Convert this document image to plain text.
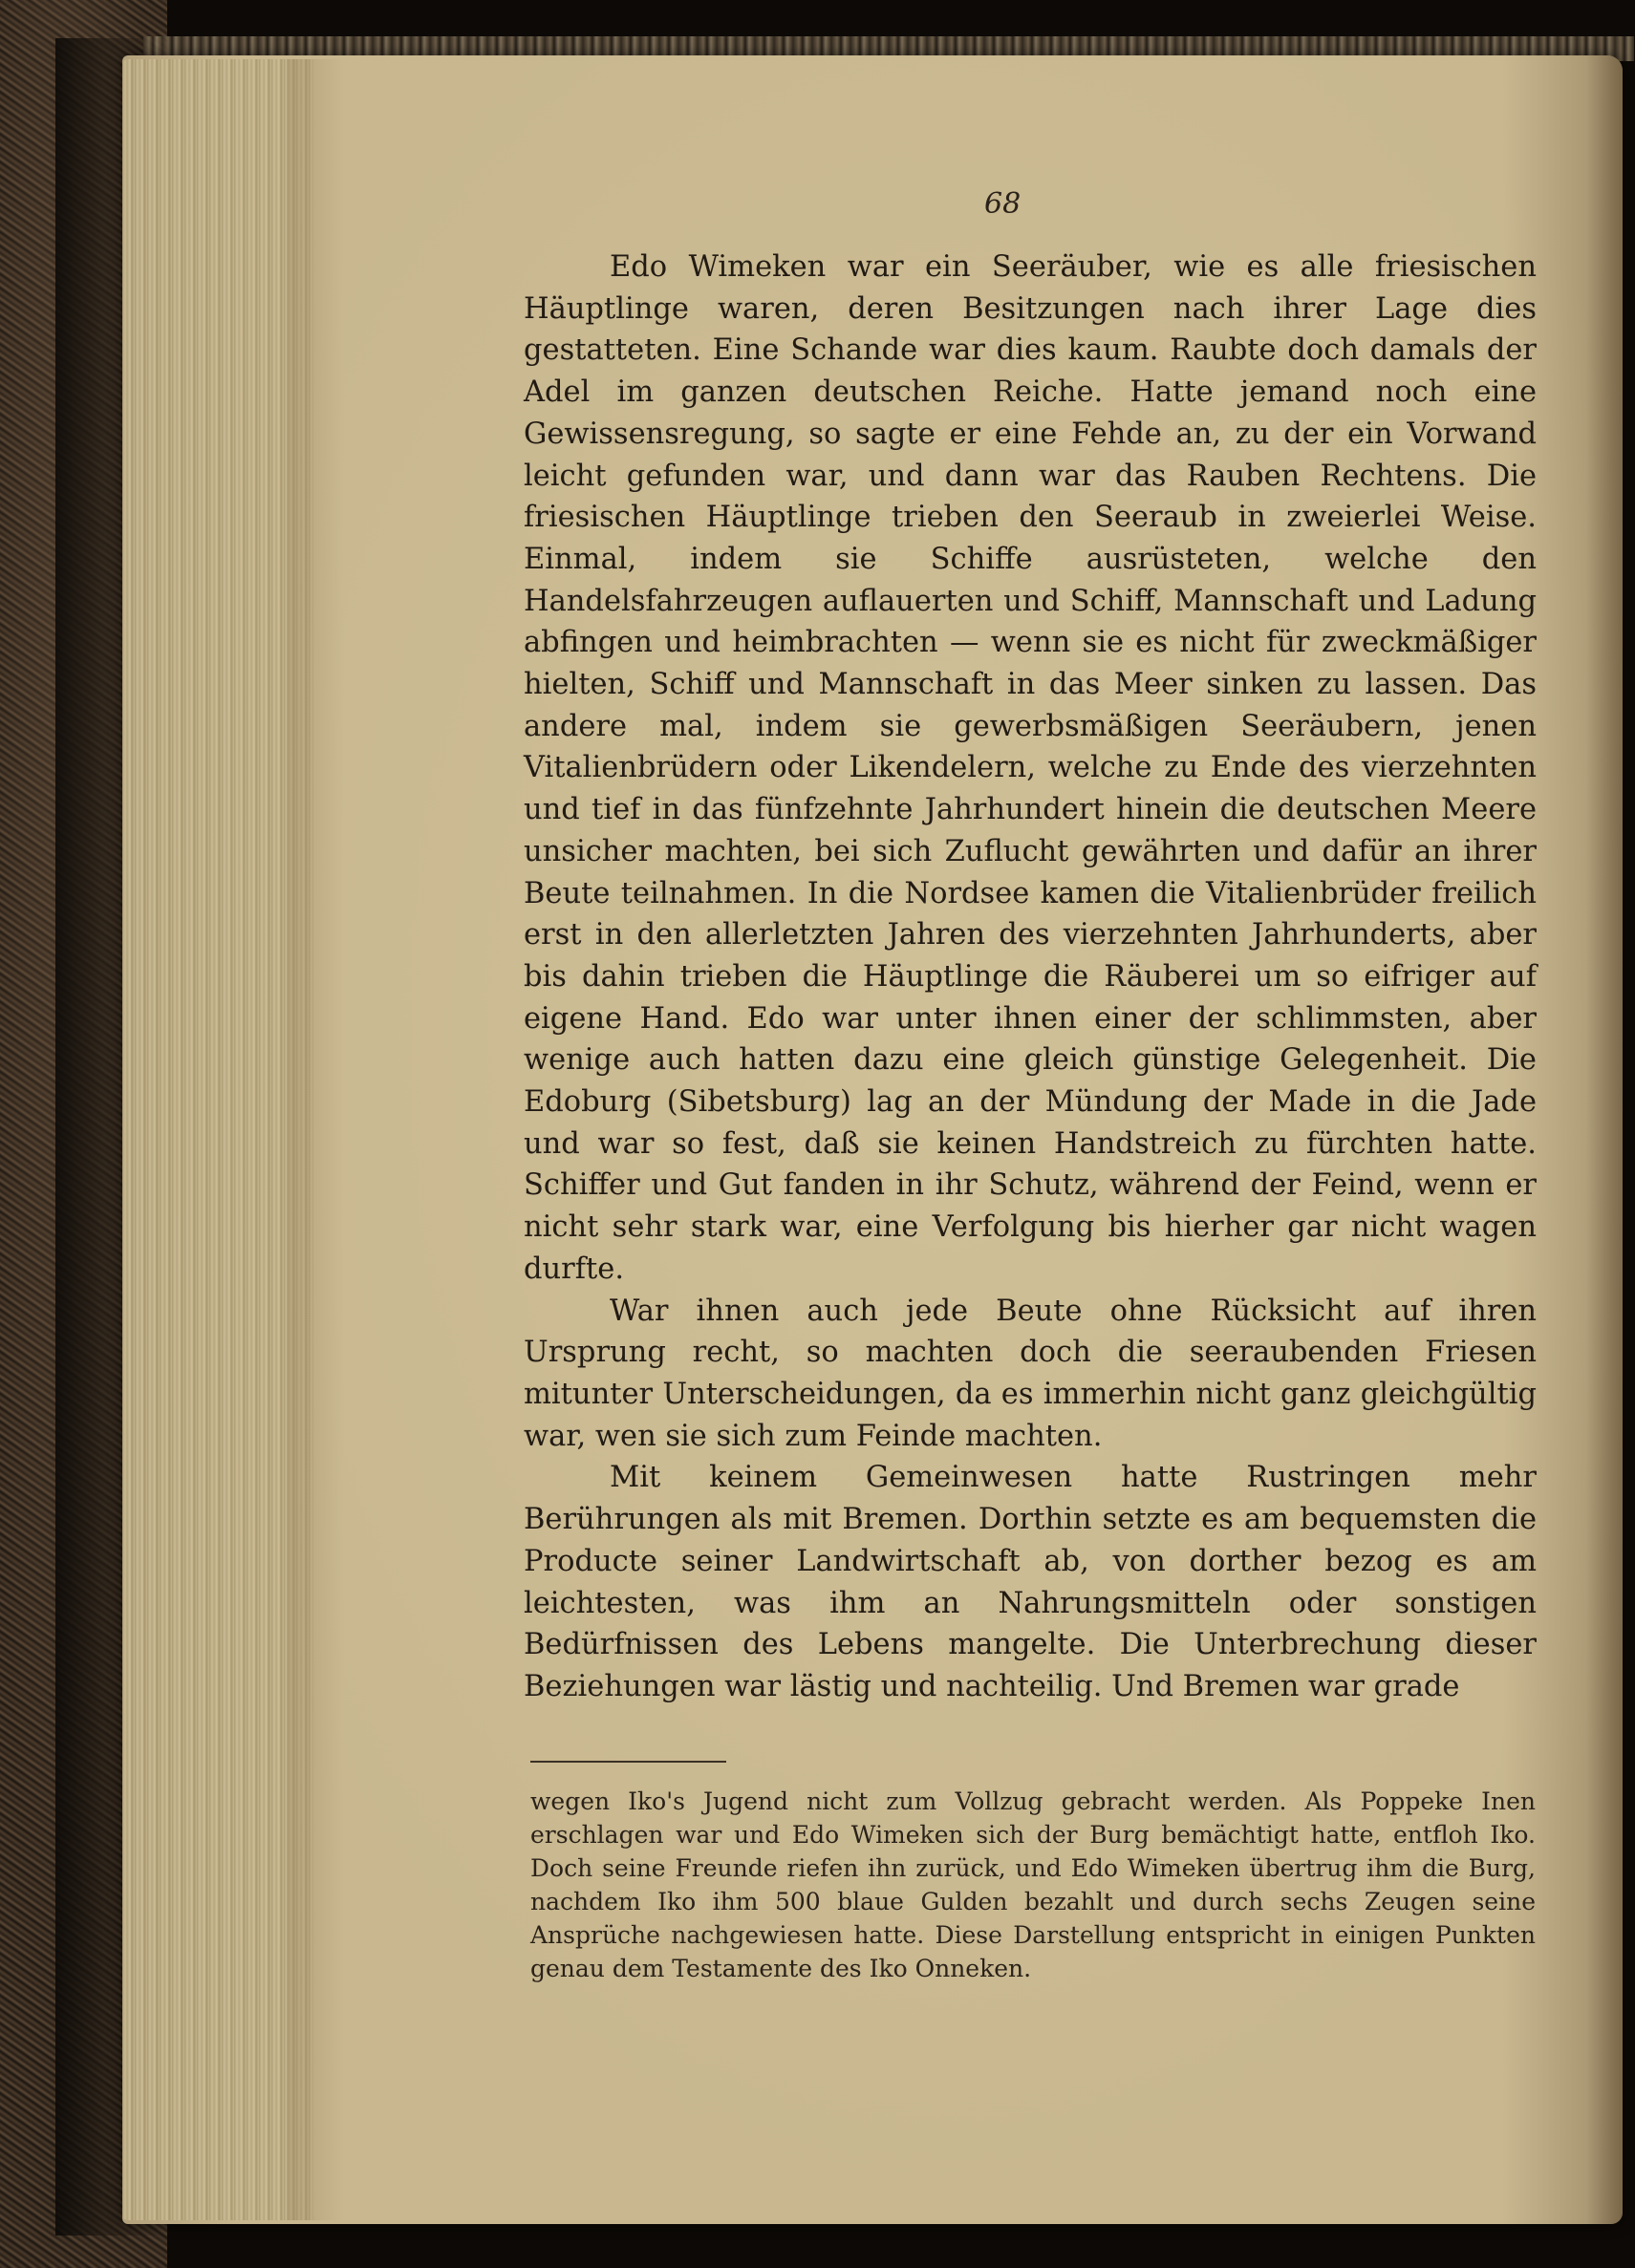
68

Edo Wimeken war ein Seeräuber, wie es alle friesischen Häuptlinge waren, deren Besitzungen nach ihrer Lage dies gestatteten. Eine Schande war dies kaum. Raubte doch damals der Adel im ganzen deutschen Reiche. Hatte jemand noch eine Gewissensregung, so sagte er eine Fehde an, zu der ein Vorwand leicht gefunden war, und dann war das Rauben Rechtens. Die friesischen Häuptlinge trieben den Seeraub in zweierlei Weise. Einmal, indem sie Schiffe ausrüsteten, welche den Handelsfahrzeugen auflauerten und Schiff, Mannschaft und Ladung abfingen und heimbrachten — wenn sie es nicht für zweckmäßiger hielten, Schiff und Mannschaft in das Meer sinken zu lassen. Das andere mal, indem sie gewerbsmäßigen Seeräubern, jenen Vitalienbrüdern oder Likendelern, welche zu Ende des vierzehnten und tief in das fünfzehnte Jahrhundert hinein die deutschen Meere unsicher machten, bei sich Zuflucht gewährten und dafür an ihrer Beute teilnahmen. In die Nordsee kamen die Vitalienbrüder freilich erst in den allerletzten Jahren des vierzehnten Jahrhunderts, aber bis dahin trieben die Häuptlinge die Räuberei um so eifriger auf eigene Hand. Edo war unter ihnen einer der schlimmsten, aber wenige auch hatten dazu eine gleich günstige Gelegenheit. Die Edoburg (Sibetsburg) lag an der Mündung der Made in die Jade und war so fest, daß sie keinen Handstreich zu fürchten hatte. Schiffer und Gut fanden in ihr Schutz, während der Feind, wenn er nicht sehr stark war, eine Verfolgung bis hierher gar nicht wagen durfte.

War ihnen auch jede Beute ohne Rücksicht auf ihren Ursprung recht, so machten doch die seeraubenden Friesen mitunter Unterscheidungen, da es immerhin nicht ganz gleichgültig war, wen sie sich zum Feinde machten.

Mit keinem Gemeinwesen hatte Rustringen mehr Berührungen als mit Bremen. Dorthin setzte es am bequemsten die Producte seiner Landwirtschaft ab, von dorther bezog es am leichtesten, was ihm an Nahrungsmitteln oder sonstigen Bedürfnissen des Lebens mangelte. Die Unterbrechung dieser Beziehungen war lästig und nachteilig. Und Bremen war grade

wegen Iko's Jugend nicht zum Vollzug gebracht werden. Als Poppeke Inen erschlagen war und Edo Wimeken sich der Burg bemächtigt hatte, entfloh Iko. Doch seine Freunde riefen ihn zurück, und Edo Wimeken übertrug ihm die Burg, nachdem Iko ihm 500 blaue Gulden bezahlt und durch sechs Zeugen seine Ansprüche nachgewiesen hatte. Diese Darstellung entspricht in einigen Punkten genau dem Testamente des Iko Onneken.
